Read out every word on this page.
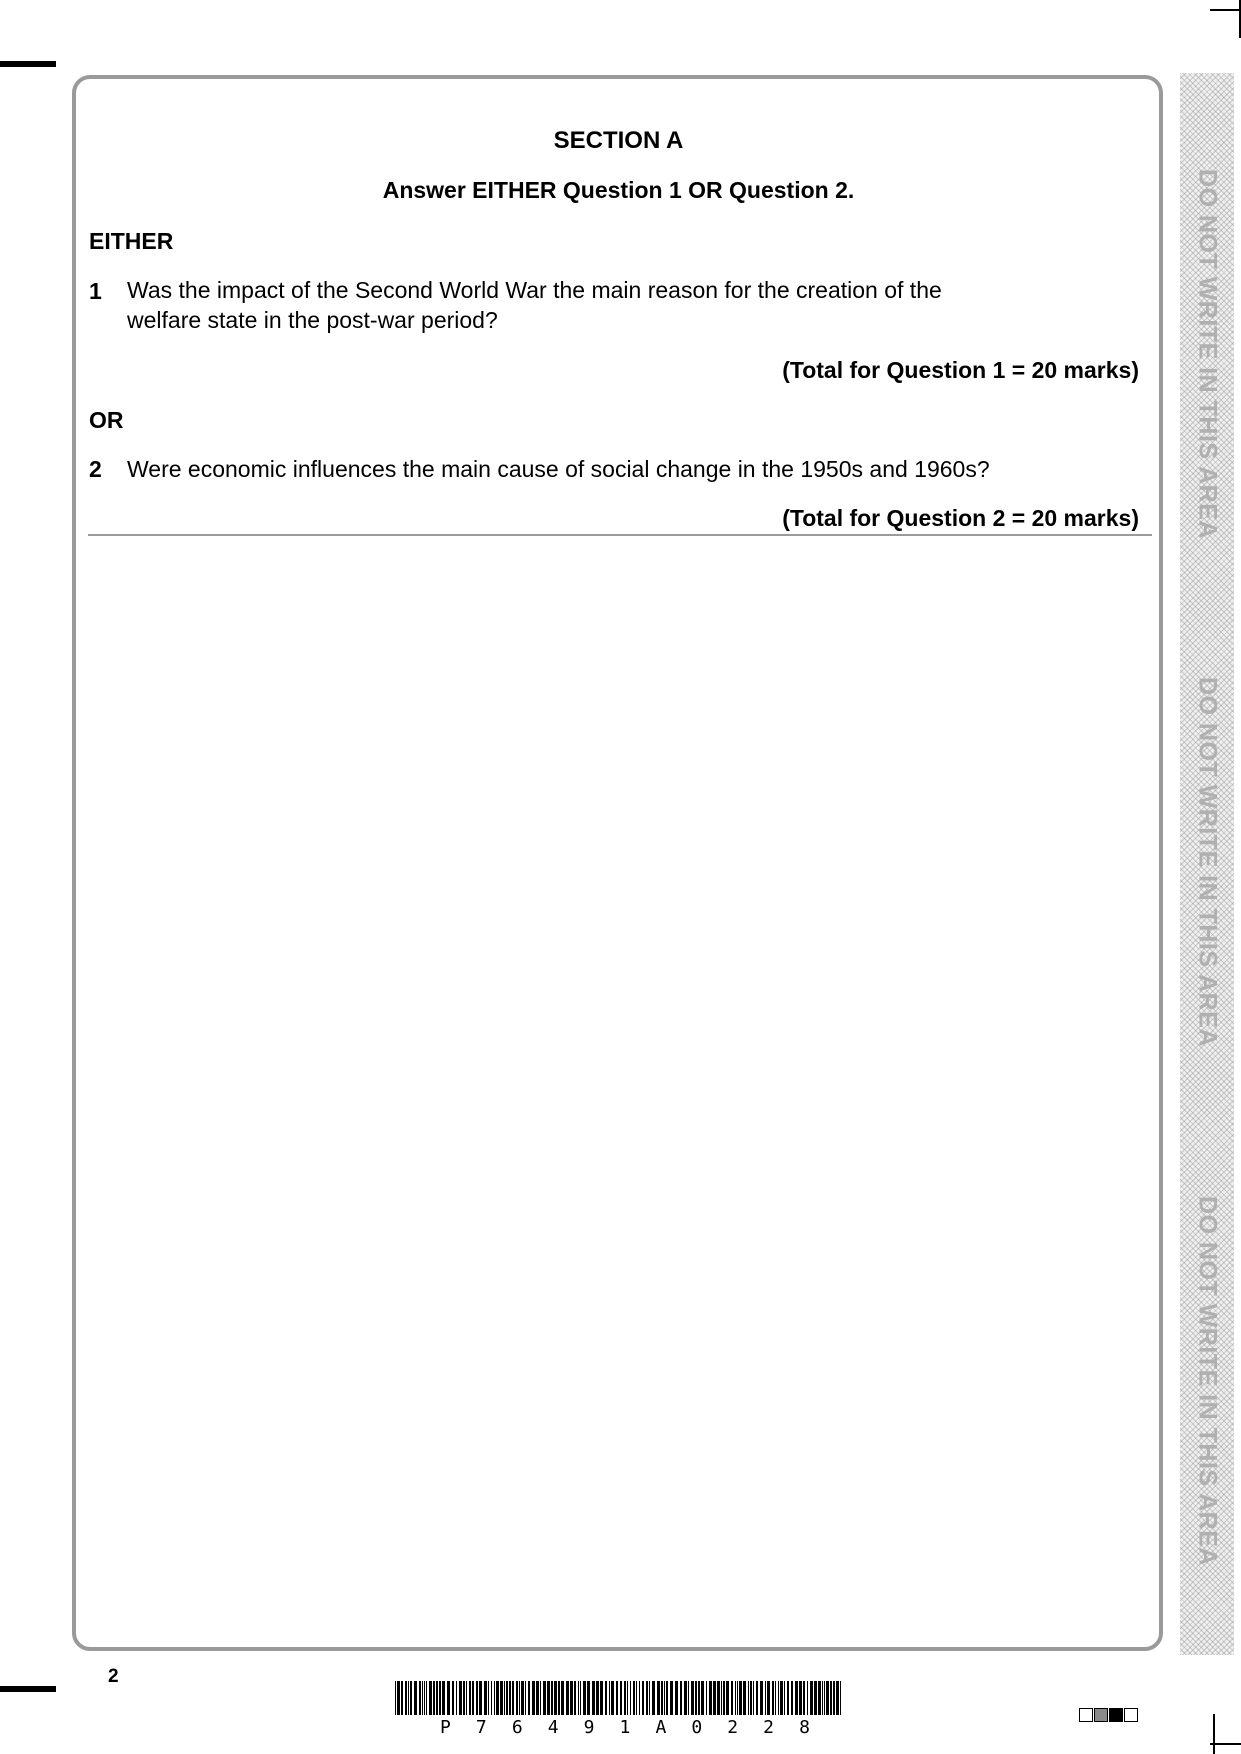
DO NOT WRITE IN THIS AREA
DO NOT WRITE IN THIS AREA
DO NOT WRITE IN THIS AREA
SECTION A
Answer EITHER Question 1 OR Question 2.
EITHER
1 Was the impact of the Second World War the main reason for the creation of the welfare state in the post-war period?
(Total for Question 1 = 20 marks)
OR
2 Were economic influences the main cause of social change in the 1950s and 1960s?
(Total for Question 2 = 20 marks)
2
P 7 6 4 9 1 A 0 2 2 8
